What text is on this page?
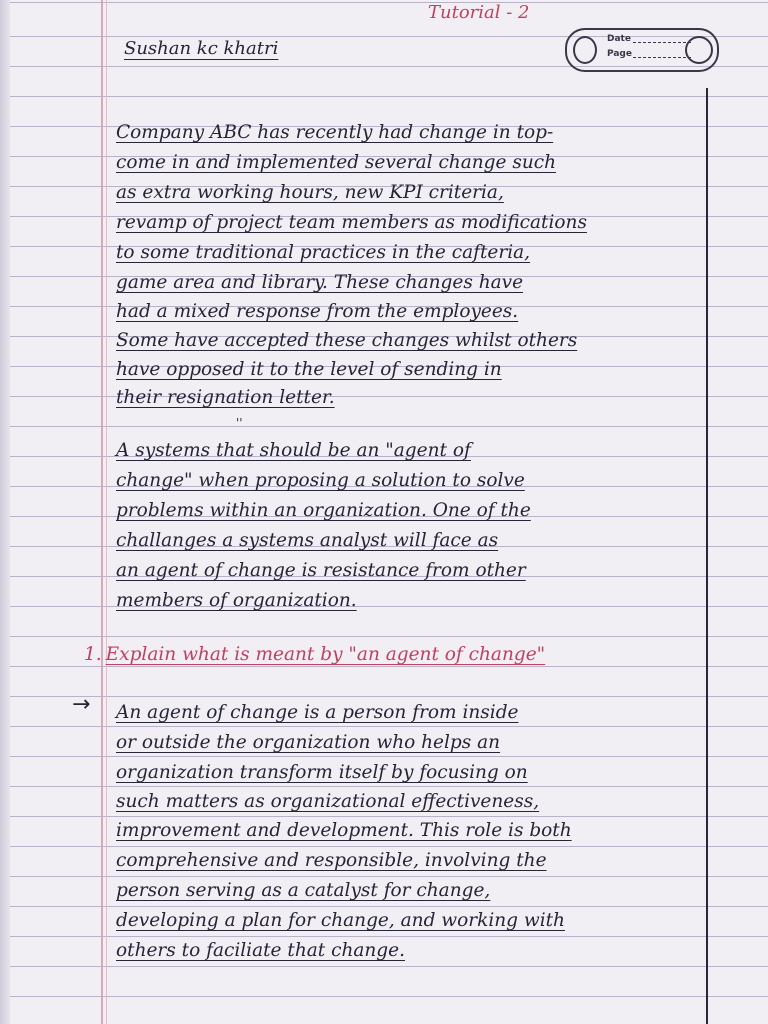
Tutorial - 2
Sushan kc khatri	Date
Page

Company ABC has recently had change in top-

come in and implemented several change such

as extra working hours, new KPI criteria,

revamp of project team members as modifications

to some traditional practices in the cafteria,

game area and library. These changes have

had a mixed response from the employees.

Some have accepted these changes whilst others

have opposed it to the level of sending in

their resignation letter.

''

A systems that should be an "agent of

change" when proposing a solution to solve

problems within an organization. One of the

challanges a systems analyst will face as

an agent of change is resistance from other

members of organization.

1. Explain what is meant by "an agent of change"

→ An agent of change is a person from inside

or outside the organization who helps an

organization transform itself by focusing on

such matters as organizational effectiveness,

improvement and development. This role is both

comprehensive and responsible, involving the

person serving as a catalyst for change,

developing a plan for change, and working with

others to faciliate that change.
